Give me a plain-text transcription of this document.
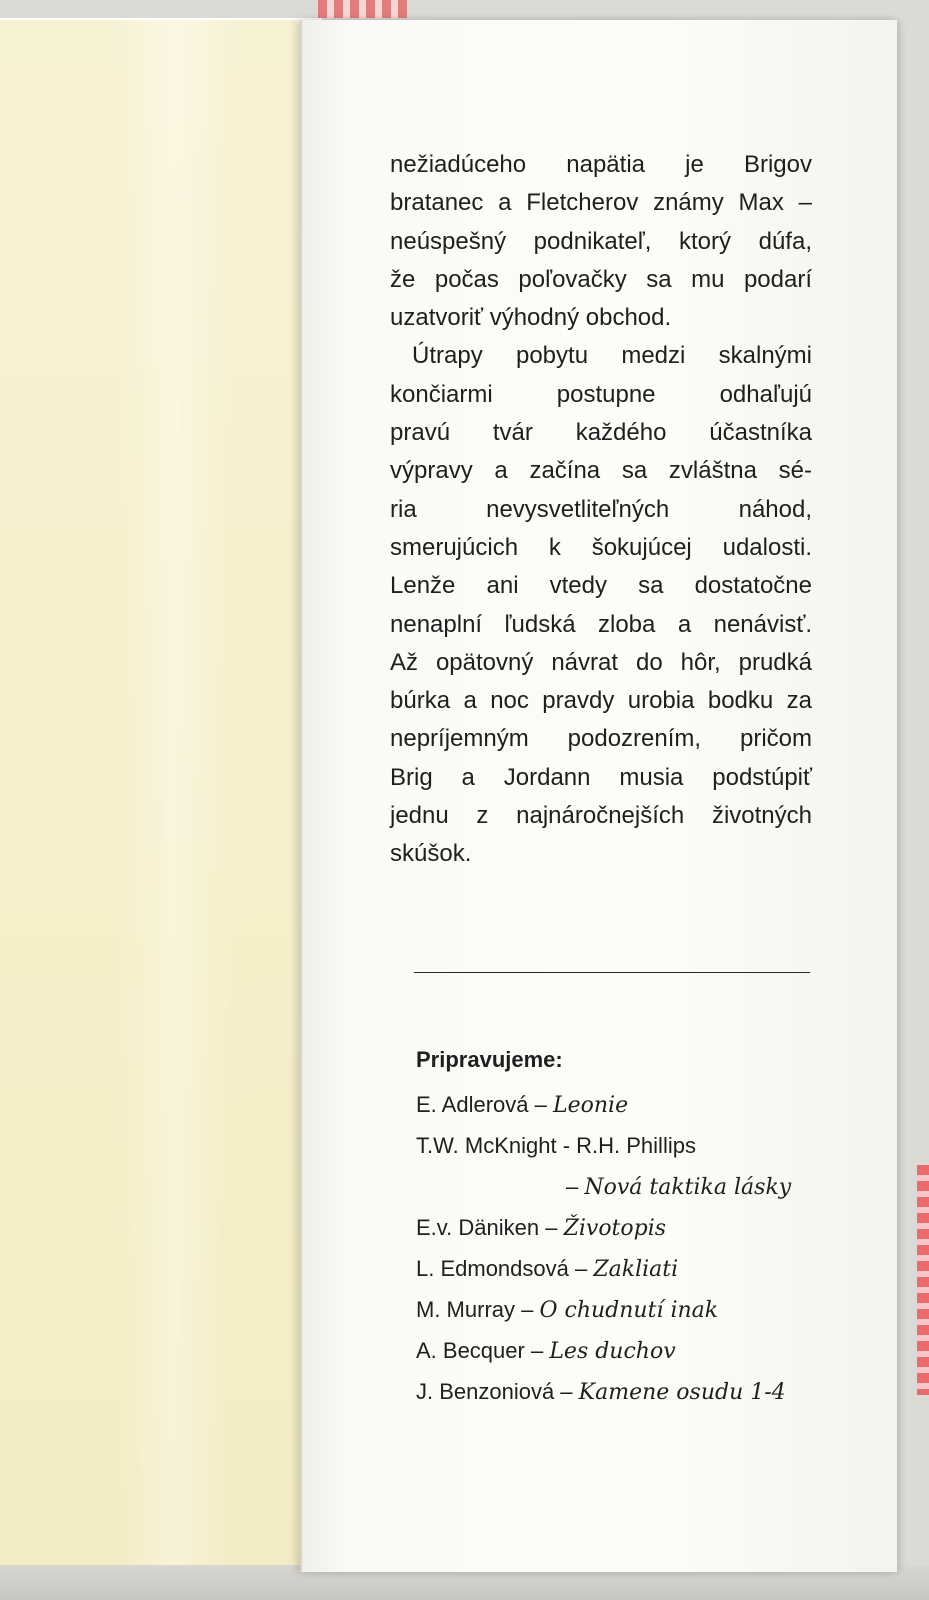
nežiadúceho napätia je Brigov
bratanec a Fletcherov známy Max –
neúspešný podnikateľ, ktorý dúfa,
že počas poľovačky sa mu podarí
uzatvoriť výhodný obchod.
Útrapy pobytu medzi skalnými
končiarmi postupne odhaľujú
pravú tvár každého účastníka
výpravy a začína sa zvláštna sé-
ria nevysvetliteľných náhod,
smerujúcich k šokujúcej udalosti.
Lenže ani vtedy sa dostatočne
nenaplní ľudská zloba a nenávisť.
Až opätovný návrat do hôr, prudká
búrka a noc pravdy urobia bodku za
nepríjemným podozrením, pričom
Brig a Jordann musia podstúpiť
jednu z najnáročnejších životných
skúšok.
Pripravujeme:
E. Adlerová – Leonie
T.W. McKnight - R.H. Phillips
– Nová taktika lásky
E.v. Däniken – Životopis
L. Edmondsová – Zakliati
M. Murray – O chudnutí inak
A. Becquer – Les duchov
J. Benzoniová – Kamene osudu 1-4
